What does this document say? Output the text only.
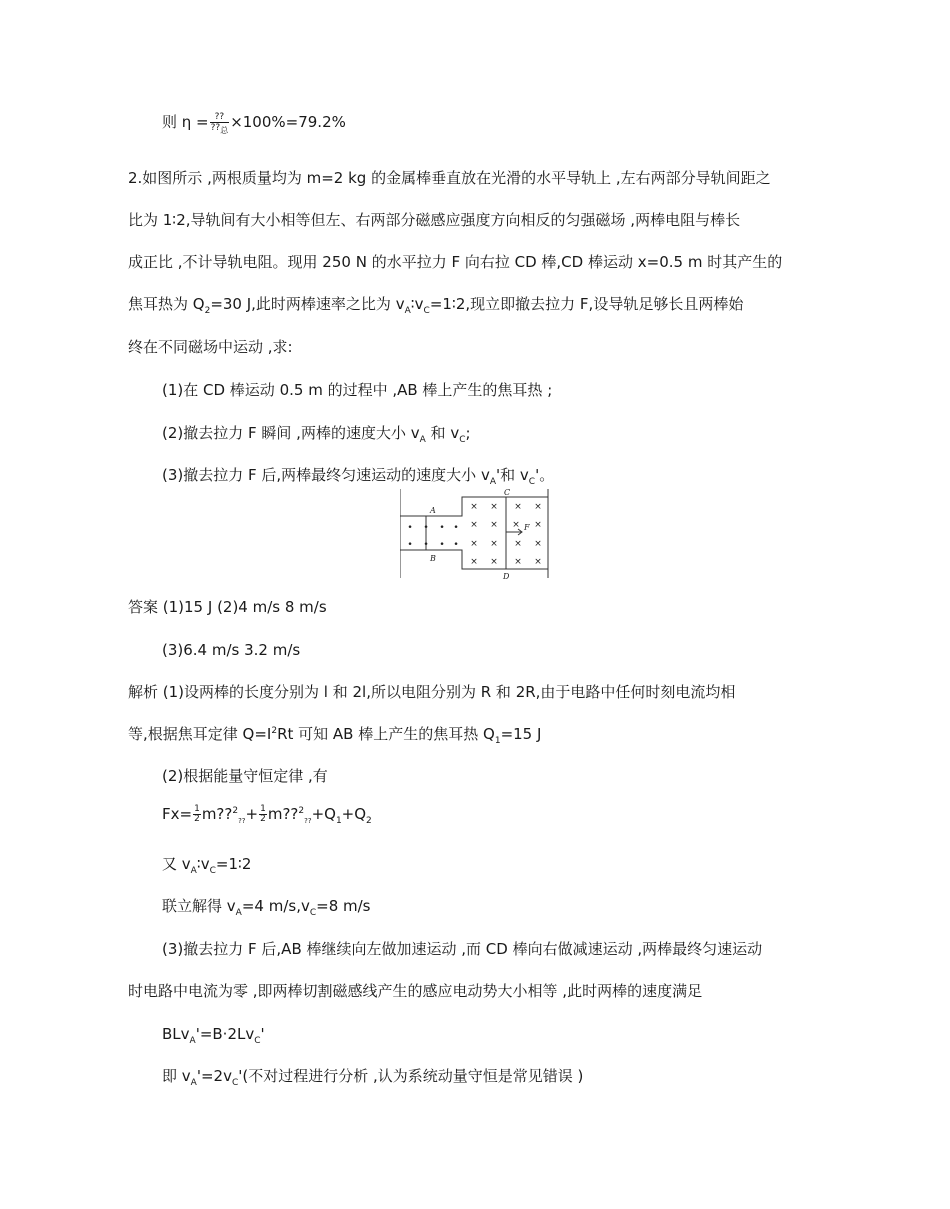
则 $\eta = \frac{??}{\text{??总}} \times 100\%=79.2\%$
2.如图所示 ,两根质量均为 m=2 kg 的金属棒垂直放在光滑的水平导轨上 ,左右两部分导轨间距之
比为 1∶2,导轨间有大小相等但左、右两部分磁感应强度方向相反的匀强磁场 ,两棒电阻与棒长
成正比 ,不计导轨电阻。现用 250 N 的水平拉力 F 向右拉 CD 棒,CD 棒运动 x=0.5 m 时其产生的
焦耳热为 $Q_2=30$ J,此时两棒速率之比为 $v_A∶v_C=1∶2$,现立即撤去拉力 F,设导轨足够长且两棒始
终在不同磁场中运动 ,求:
(1)在 CD 棒运动 0.5 m 的过程中 ,AB 棒上产生的焦耳热 ;
(2)撤去拉力 F 瞬间 ,两棒的速度大小 $v_A$ 和 $v_C$;
(3)撤去拉力 F 后,两棒最终匀速运动的速度大小 $v_A'$和 $v_C'$。
• • • •
• • • •
× × × ×
× × × ×
× × × ×
× × × ×
A
B
C
D
F
答案 (1)15 J (2)4 m/s 8 m/s
(3)6.4 m/s 3.2 m/s
解析 (1)设两棒的长度分别为 l 和 2l,所以电阻分别为 R 和 2R,由于电路中任何时刻电流均相
等,根据焦耳定律 $Q=I^2Rt$ 可知 AB 棒上产生的焦耳热 $Q_1=15$ J
(2)根据能量守恒定律 ,有
$Fx= \frac{1}{2}$ m??$^2_{??}$+ $\frac{1}{2}$ $m??^2_{??}+Q_1+Q_2$
又 $v_A∶v_C=1∶2$
联立解得 $v_A=4$ $m/s,v_C=8$ m/s
(3)撤去拉力 F 后,AB 棒继续向左做加速运动 ,而 CD 棒向右做减速运动 ,两棒最终匀速运动
时电路中电流为零 ,即两棒切割磁感线产生的感应电动势大小相等 ,此时两棒的速度满足
$BLv_A'=B\cdot 2Lv_C'$
即 $v_A'=2v_C'$(不对过程进行分析 ,认为系统动量守恒是常见错误 )
